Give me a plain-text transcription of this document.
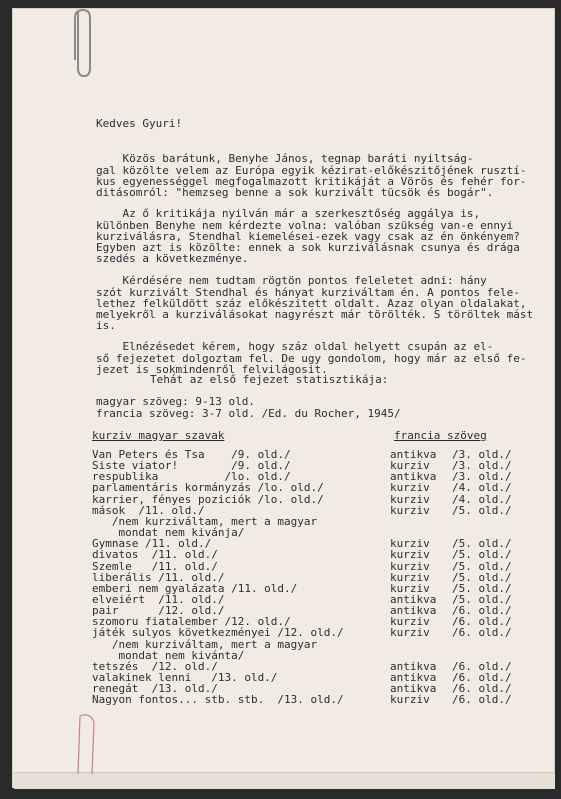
Kedves Gyuri!

Közös barátunk, Benyhe János, tegnap baráti nyiltság-
gal közölte velem az Európa egyik kézirat-előkészitőjének rusztí-
kus egyenességgel megfogalmazott kritikáját a Vörös és fehér for-
ditásomról: "hemzseg benne a sok kurzivált tücsök és bogár".

Az ő kritikája nyilván már a szerkesztőség aggálya is,
különben Benyhe nem kérdezte volna: valóban szükség van-e ennyi
kurziválásra, Stendhal kiemelései-ezek vagy csak az én önkényem?
Egyben azt is közölte: ennek a sok kurziválásnak csunya és drága
szedés a következménye.

Kérdésére nem tudtam rögtön pontos feleletet adni: hány
szót kurzivált Stendhal és hányat kurziváltam én. A pontos fele-
lethez felküldött száz előkészitett oldalt. Azaz olyan oldalakat,
melyekről a kurziválásokat nagyrészt már törölték. S töröltek mást
is.

Elnézésedet kérem, hogy száz oldal helyett csupán az el-
ső fejezetet dolgoztam fel. De ugy gondolom, hogy már az első fe-
jezet is sokmindenről felvilágosit.
Tehát az első fejezet statisztikája:
magyar szöveg: 9-13 old.
francia szöveg: 3-7 old. /Ed. du Rocher, 1945/
kurziv magyar szavak	francia szöveg
Van Peters és Tsa    /9. old./	antikva /3. old./
Siste viator!        /9. old./	kurziv /3. old./
respublika          /lo. old./	antikva /3. old./
parlamentáris kormányzás /lo. old./	kurziv /4. old./
karrier, fényes poziciók /lo. old./	kurziv /4. old./
mások  /11. old./	kurziv /5. old./
/nem kurziváltam, mert a magyar
mondat nem kivánja/
Gymnase /11. old./	kurziv /5. old./
divatos  /11. old./	kurziv /5. old./
Szemle   /11. old./	kurziv /5. old./
liberális /11. old./	kurziv /5. old./
emberi nem gyalázata /11. old./	kurziv /5. old./
elveiért  /11. old./	antikva /5. old./
pair      /12. old./	antikva /6. old./
szomoru fiatalember /12. old./	kurziv /6. old./
játék sulyos következményei /12. old./	kurziv /6. old./
/nem kurziváltam, mert a magyar
mondat nem kivánta/
tetszés  /12. old./	antikva /6. old./
valakinek lenni   /13. old./	antikva /6. old./
renegát  /13. old./	antikva /6. old./
Nagyon fontos... stb. stb.  /13. old./	kurziv /6. old./
